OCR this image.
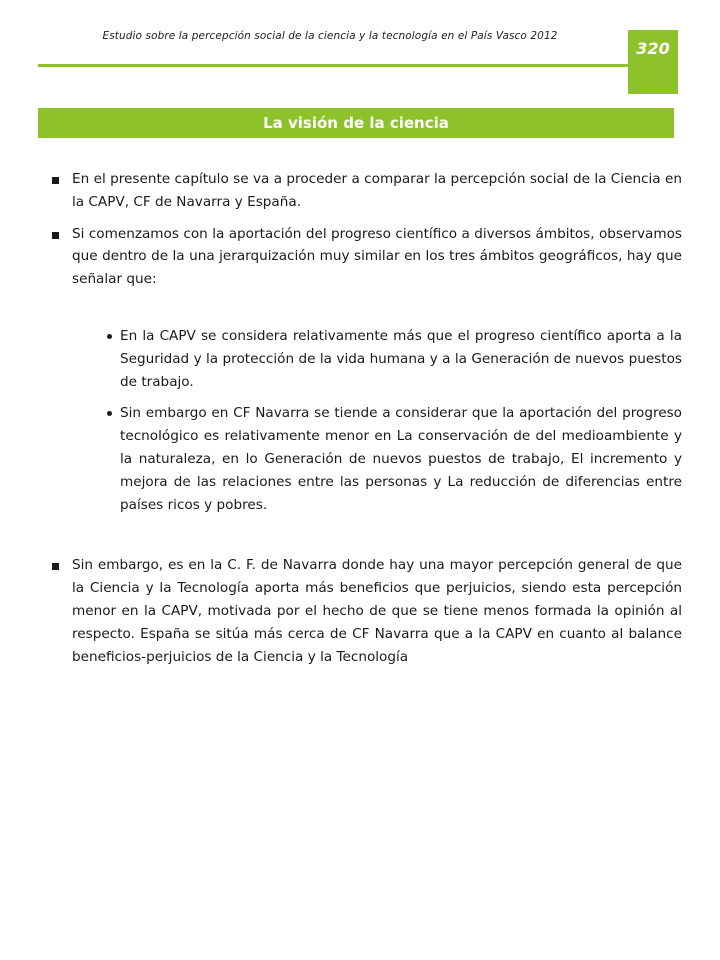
Estudio sobre la percepción social de la ciencia y la tecnología en el País Vasco 2012
320
La visión de la ciencia
En el presente capítulo se va a proceder a comparar la percepción social de la Ciencia en la CAPV, CF de Navarra y España.
Si comenzamos con la aportación del progreso científico a diversos ámbitos, observamos que dentro de la una jerarquización muy similar en los tres ámbitos geográficos, hay que señalar que:
En la CAPV se considera relativamente más que el progreso científico aporta a la Seguridad y la protección de la vida humana y a la Generación de nuevos puestos de trabajo.
Sin embargo en CF Navarra se tiende a considerar que la aportación del progreso tecnológico es relativamente menor en La conservación de del medioambiente y la naturaleza, en lo Generación de nuevos puestos de trabajo, El incremento y mejora de las relaciones entre las personas y La reducción de diferencias entre países ricos y pobres.
Sin embargo, es en la C. F. de Navarra donde hay una mayor percepción general de que la Ciencia y la Tecnología aporta más beneficios que perjuicios, siendo esta percepción menor en la CAPV, motivada por el hecho de que se tiene menos formada la opinión al respecto. España se sitúa más cerca de CF Navarra que a la CAPV en cuanto al balance beneficios-perjuicios de la Ciencia y la Tecnología
